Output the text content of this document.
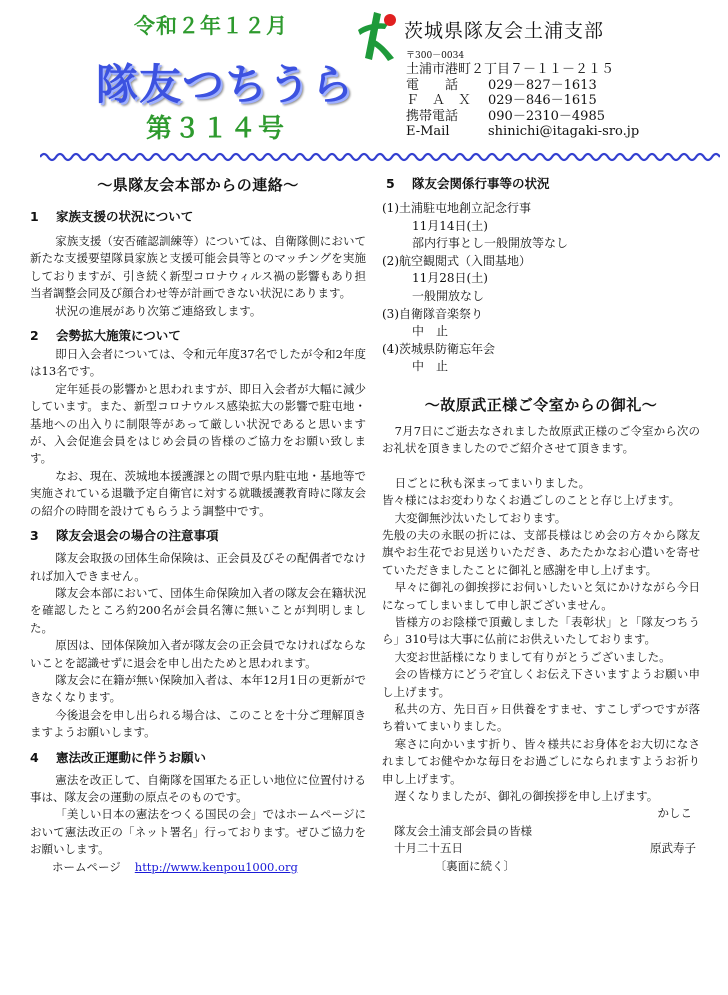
令和２年１２月
隊友つちうら
第３１４号
茨城県隊友会土浦支部
〒300－0034
土浦市港町２丁目７－１１－２１５
電　　話 029－827－1613
Ｆ　Ａ　Ｘ 029－846－1615
携帯電話 090－2310－4985
E-Mail	shinichi@itagaki-sro.jp
～県隊友会本部からの連絡～
1 家族支援の状況について

家族支援（安否確認訓練等）については、自衛隊側において新たな支援要望隊員家族と支援可能会員等とのマッチングを実施しておりますが、引き続く新型コロナウィルス禍の影響もあり担当者調整会同及び顔合わせ等が計画できない状況にあります。

状況の進展があり次第ご連絡致します。

2 会勢拡大施策について

即日入会者については、令和元年度37名でしたが令和2年度は13名です。

定年延長の影響かと思われますが、即日入会者が大幅に減少しています。また、新型コロナウルス感染拡大の影響で駐屯地・基地への出入りに制限等があって厳しい状況であると思いますが、入会促進会員をはじめ会員の皆様のご協力をお願い致します。

なお、現在、茨城地本援護課との間で県内駐屯地・基地等で実施されている退職予定自衛官に対する就職援護教育時に隊友会の紹介の時間を設けてもらうよう調整中です。

3 隊友会退会の場合の注意事項

隊友会取扱の団体生命保険は、正会員及びその配偶者でなければ加入できません。

隊友会本部において、団体生命保険加入者の隊友会在籍状況を確認したところ約200名が会員名簿に無いことが判明しました。

原因は、団体保険加入者が隊友会の正会員でなければならないことを認識せずに退会を申し出たためと思われます。

隊友会に在籍が無い保険加入者は、本年12月1日の更新ができなくなります。

今後退会を申し出られる場合は、このことを十分ご理解頂きますようお願いします。

4 憲法改正運動に伴うお願い

憲法を改正して、自衛隊を国軍たる正しい地位に位置付ける事は、隊友会の運動の原点そのものです。

「美しい日本の憲法をつくる国民の会」ではホームページにおいて憲法改正の「ネット署名」行っております。ぜひご協力をお願いします。

ホームページ http://www.kenpou1000.org
5 隊友会関係行事等の状況

(1)土浦駐屯地創立記念行事

11月14日(土)

部内行事とし一般開放等なし

(2)航空観閲式（入間基地）

11月28日(土)

一般開放なし

(3)自衛隊音楽祭り

中　止

(4)茨城県防衛忘年会

中　止

～故原武正様ご令室からの御礼～

7月7日にご逝去なされました故原武正様のご令室から次のお礼状を頂きましたのでご紹介させて頂きます。

日ごとに秋も深まってまいりました。

皆々様にはお変わりなくお過ごしのことと存じ上げます。

大変御無沙汰いたしております。

先般の夫の永眠の折には、支部長様はじめ会の方々から隊友旗やお生花でお見送りいただき、あたたかなお心遣いを寄せていただきましたことに御礼と感謝を申し上げます。

早々に御礼の御挨拶にお伺いしたいと気にかけながら今日になってしまいまして申し訳ございません。

皆様方のお陰様で頂戴しました「表彰状」と「隊友つちうら」310号は大事に仏前にお供えいたしております。

大変お世話様になりまして有りがとうございました。

会の皆様方にどうぞ宜しくお伝え下さいますようお願い申し上げます。

私共の方、先日百ヶ日供養をすませ、すこしずつですが落ち着いてまいりました。

寒さに向かいます折り、皆々様共にお身体をお大切になされましてお健やかな毎日をお過ごしになられますようお祈り申し上げます。

遅くなりましたが、御礼の御挨拶を申し上げます。

かしこ

隊友会土浦支部会員の皆様

十月二十五日	原武寿子

〔裏面に続く〕
